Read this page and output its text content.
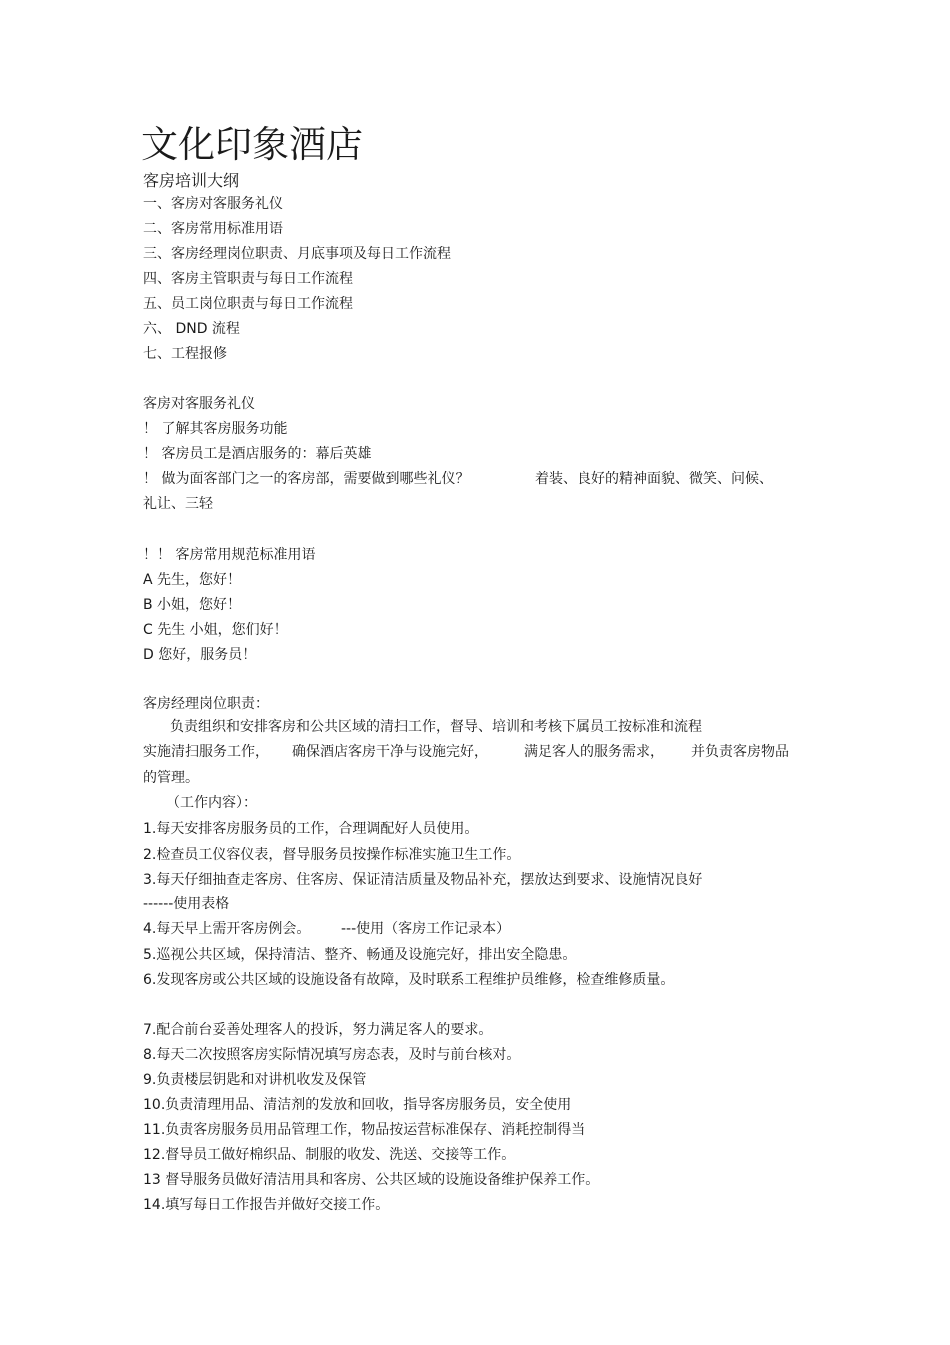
文化印象酒店
客房培训大纲
一、客房对客服务礼仪
二、客房常用标准用语
三、客房经理岗位职责、月底事项及每日工作流程
四、客房主管职责与每日工作流程
五、员工岗位职责与每日工作流程
六、 DND 流程
七、工程报修
客房对客服务礼仪
！ 了解其客房服务功能
！ 客房员工是酒店服务的：幕后英雄
！ 做为面客部门之一的客房部，需要做到哪些礼仪？	着装、良好的精神面貌、微笑、问候、
礼让、三轻
！！ 客房常用规范标准用语
A 先生，您好！
B 小姐，您好！
C 先生 小姐，您们好！
D 您好，服务员！
客房经理岗位职责：
负责组织和安排客房和公共区域的清扫工作，督导、培训和考核下属员工按标准和流程
实施清扫服务工作， 确保酒店客房干净与设施完好，	满足客人的服务需求， 并负责客房物品
的管理。
（工作内容）：
1.每天安排客房服务员的工作，合理调配好人员使用。
2.检查员工仪容仪表，督导服务员按操作标准实施卫生工作。
3.每天仔细抽查走客房、住客房、保证清洁质量及物品补充，摆放达到要求、设施情况良好
------使用表格
4.每天早上需开客房例会。 ---使用（客房工作记录本）
5.巡视公共区域，保持清洁、整齐、畅通及设施完好，排出安全隐患。
6.发现客房或公共区域的设施设备有故障，及时联系工程维护员维修，检查维修质量。
7.配合前台妥善处理客人的投诉，努力满足客人的要求。
8.每天二次按照客房实际情况填写房态表，及时与前台核对。
9.负责楼层钥匙和对讲机收发及保管
10.负责清理用品、清洁剂的发放和回收，指导客房服务员，安全使用
11.负责客房服务员用品管理工作，物品按运营标准保存、消耗控制得当
12.督导员工做好棉织品、制服的收发、洗送、交接等工作。
13 督导服务员做好清洁用具和客房、公共区域的设施设备维护保养工作。
14.填写每日工作报告并做好交接工作。
